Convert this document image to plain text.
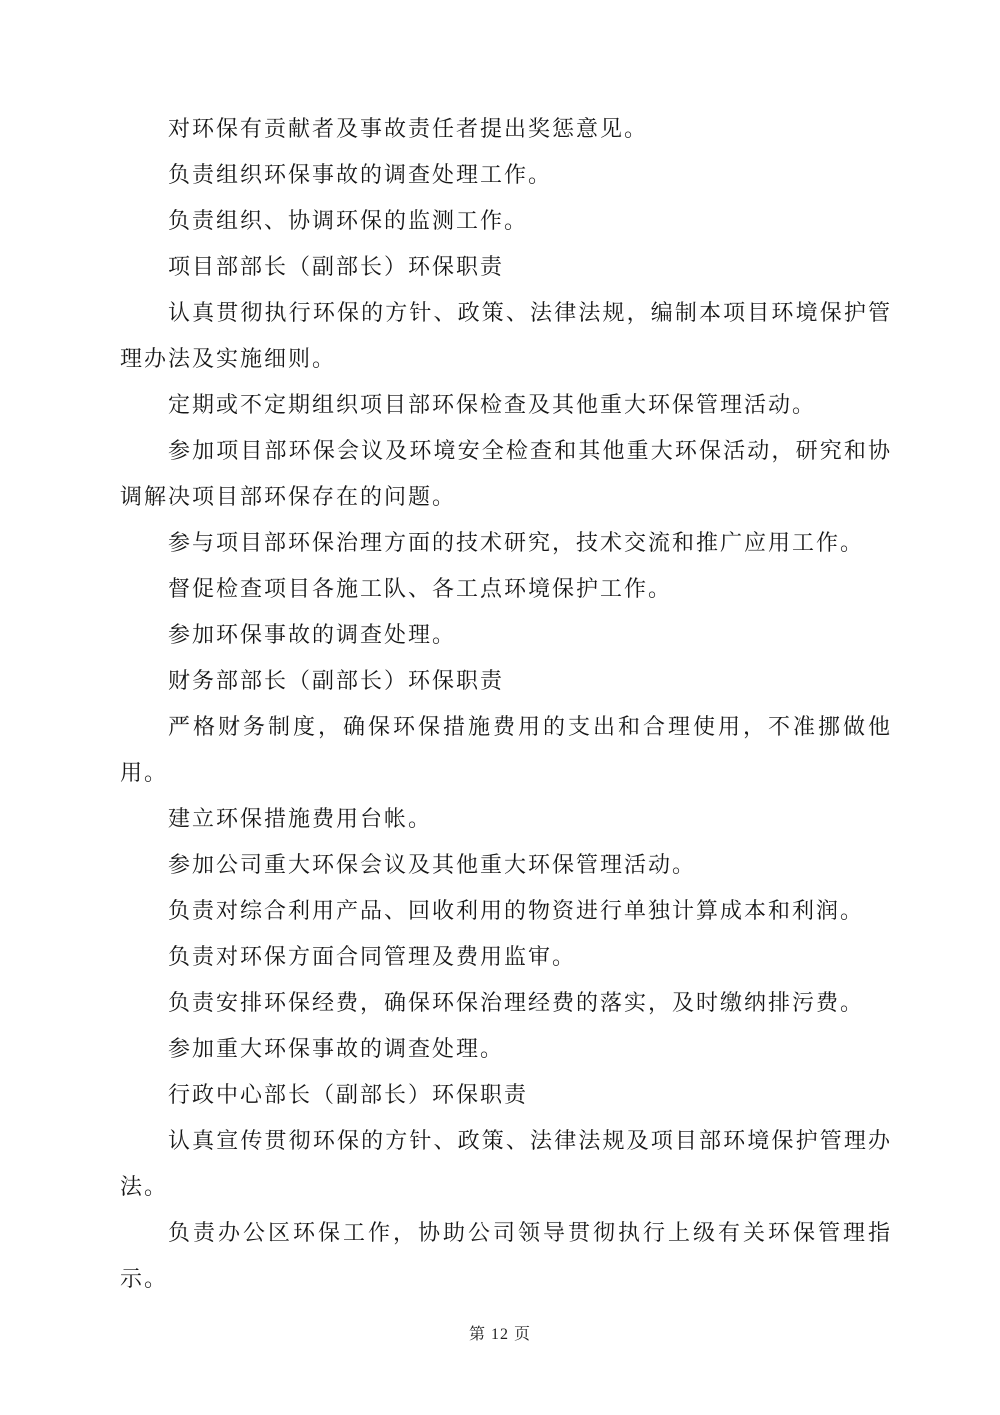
对环保有贡献者及事故责任者提出奖惩意见。

负责组织环保事故的调查处理工作。

负责组织、协调环保的监测工作。

项目部部长（副部长）环保职责

认真贯彻执行环保的方针、政策、法律法规，编制本项目环境保护管理办法及实施细则。

定期或不定期组织项目部环保检查及其他重大环保管理活动。

参加项目部环保会议及环境安全检查和其他重大环保活动，研究和协调解决项目部环保存在的问题。

参与项目部环保治理方面的技术研究，技术交流和推广应用工作。

督促检查项目各施工队、各工点环境保护工作。

参加环保事故的调查处理。

财务部部长（副部长）环保职责

严格财务制度，确保环保措施费用的支出和合理使用，不准挪做他用。

建立环保措施费用台帐。

参加公司重大环保会议及其他重大环保管理活动。

负责对综合利用产品、回收利用的物资进行单独计算成本和利润。

负责对环保方面合同管理及费用监审。

负责安排环保经费，确保环保治理经费的落实，及时缴纳排污费。

参加重大环保事故的调查处理。

行政中心部长（副部长）环保职责

认真宣传贯彻环保的方针、政策、法律法规及项目部环境保护管理办法。

负责办公区环保工作，协助公司领导贯彻执行上级有关环保管理指示。

第 12 页
